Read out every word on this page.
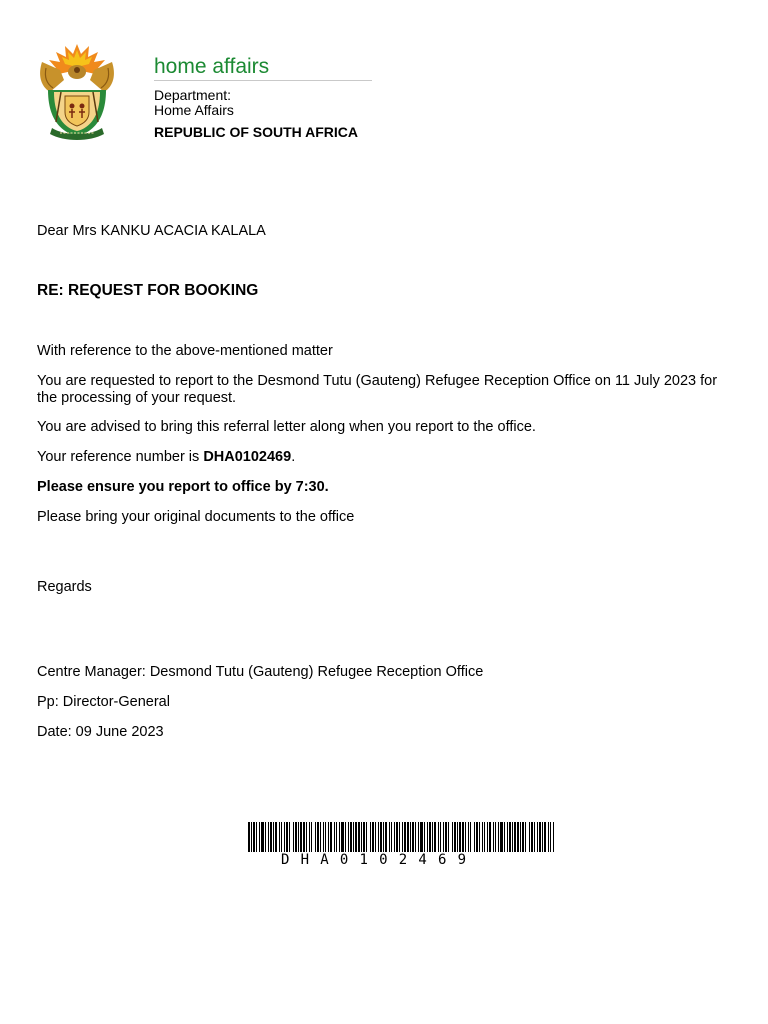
home affairs
Department:
Home Affairs
REPUBLIC OF SOUTH AFRICA

Dear Mrs KANKU ACACIA KALALA

RE: REQUEST FOR BOOKING

With reference to the above-mentioned matter

You are requested to report to the Desmond Tutu (Gauteng) Refugee Reception Office on 11 July 2023 for the processing of your request.

You are advised to bring this referral letter along when you report to the office.

Your reference number is DHA0102469.

Please ensure you report to office by 7:30.

Please bring your original documents to the office

Regards

Centre Manager: Desmond Tutu (Gauteng) Refugee Reception Office

Pp: Director-General

Date: 09 June 2023

DHA0102469
